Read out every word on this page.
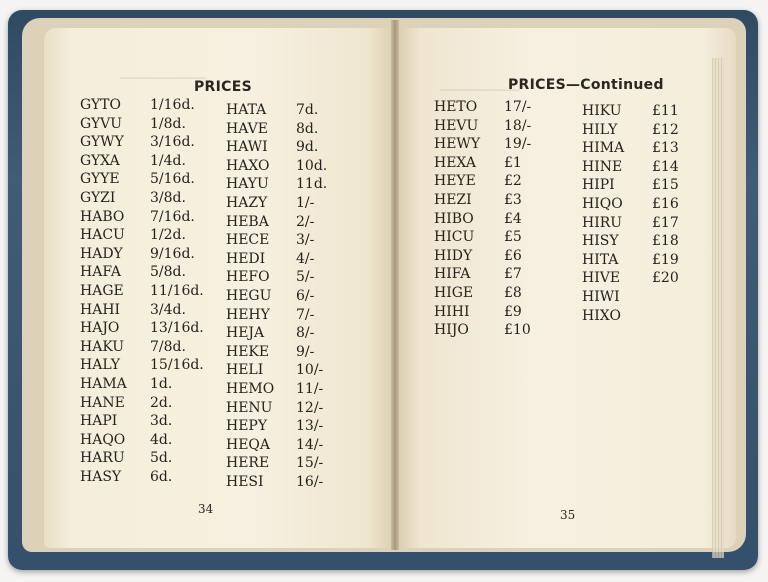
────────────
─────────────
PRICES
GYTO 1/16d.
GYVU 1/8d.
GYWY 3/16d.
GYXA 1/4d.
GYYE 5/16d.
GYZI 3/8d.
HABO 7/16d.
HACU 1/2d.
HADY 9/16d.
HAFA 5/8d.
HAGE 11/16d.
HAHI 3/4d.
HAJO 13/16d.
HAKU 7/8d.
HALY 15/16d.
HAMA 1d.
HANE 2d.
HAPI 3d.
HAQO 4d.
HARU 5d.
HASY 6d.
HATA 7d.
HAVE 8d.
HAWI 9d.
HAXO 10d.
HAYU 11d.
HAZY 1/-
HEBA 2/-
HECE 3/-
HEDI 4/-
HEFO 5/-
HEGU 6/-
HEHY 7/-
HEJA 8/-
HEKE 9/-
HELI 10/-
HEMO 11/-
HENU 12/-
HEPY 13/-
HEQA 14/-
HERE 15/-
HESI 16/-
34
PRICES—Continued
HETO 17/-
HEVU 18/-
HEWY 19/-
HEXA £1
HEYE £2
HEZI £3
HIBO £4
HICU £5
HIDY £6
HIFA £7
HIGE £8
HIHI £9
HIJO	£10
HIKU £11
HILY £12
HIMA £13
HINE £14
HIPI	£15
HIQO £16
HIRU £17
HISY £18
HITA £19
HIVE £20
HIWI
HIXO
35
